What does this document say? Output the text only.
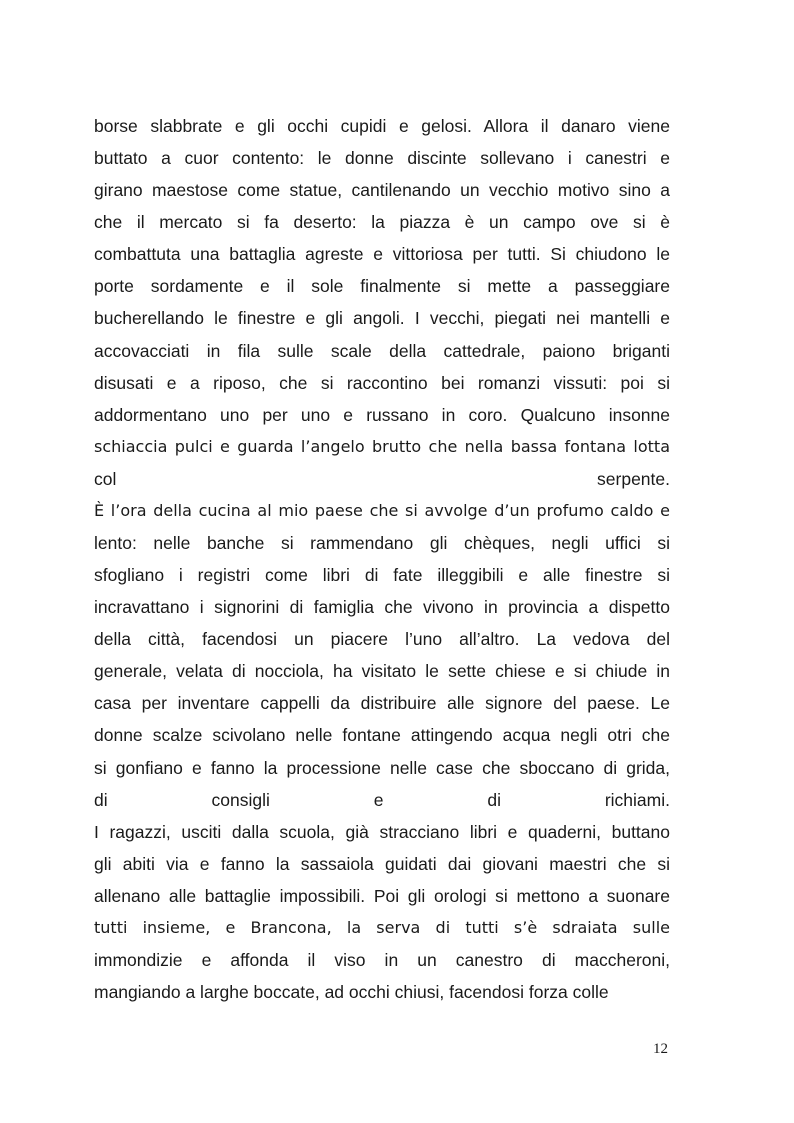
borse slabbrate e gli occhi cupidi e gelosi. Allora il danaro viene
buttato a cuor contento: le donne discinte sollevano i canestri e
girano maestose come statue, cantilenando un vecchio motivo sino a
che il mercato si fa deserto: la piazza è un campo ove si è
combattuta una battaglia agreste e vittoriosa per tutti. Si chiudono le
porte sordamente e il sole finalmente si mette a passeggiare
bucherellando le finestre e gli angoli. I vecchi, piegati nei mantelli e
accovacciati in fila sulle scale della cattedrale, paiono briganti
disusati e a riposo, che si raccontino bei romanzi vissuti: poi si
addormentano uno per uno e russano in coro. Qualcuno insonne
schiaccia pulci e guarda l’angelo brutto che nella bassa fontana lotta
col serpente.
È l’ora della cucina al mio paese che si avvolge d’un profumo caldo e
lento: nelle banche si rammendano gli chèques, negli uffici si
sfogliano i registri come libri di fate illeggibili e alle finestre si
incravattano i signorini di famiglia che vivono in provincia a dispetto
della città, facendosi un piacere l’uno all’altro. La vedova del
generale, velata di nocciola, ha visitato le sette chiese e si chiude in
casa per inventare cappelli da distribuire alle signore del paese. Le
donne scalze scivolano nelle fontane attingendo acqua negli otri che
si gonfiano e fanno la processione nelle case che sboccano di grida,
di consigli e di richiami.
I ragazzi, usciti dalla scuola, già stracciano libri e quaderni, buttano
gli abiti via e fanno la sassaiola guidati dai giovani maestri che si
allenano alle battaglie impossibili. Poi gli orologi si mettono a suonare
tutti insieme, e Brancona, la serva di tutti s’è sdraiata sulle
immondizie e affonda il viso in un canestro di maccheroni,
mangiando a larghe boccate, ad occhi chiusi, facendosi forza colle
12
